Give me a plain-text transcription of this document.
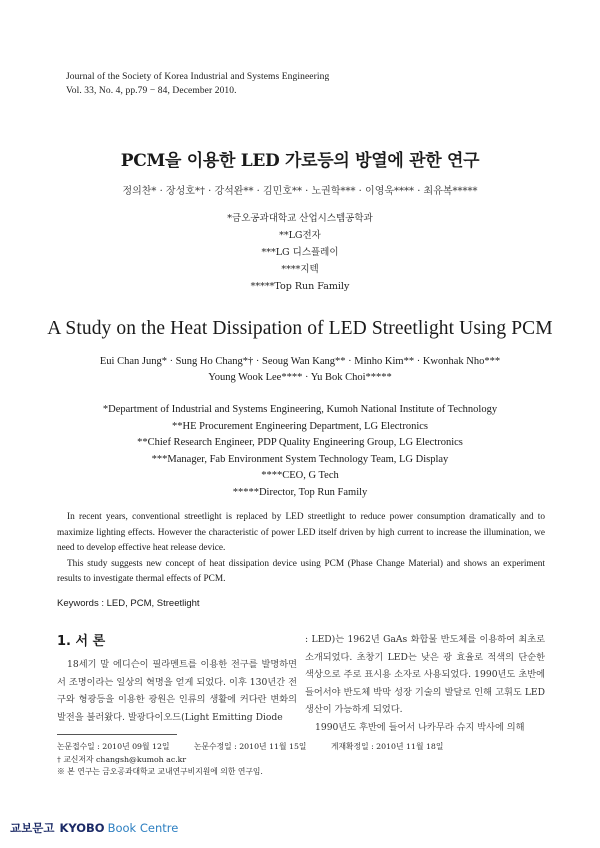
Journal of the Society of Korea Industrial and Systems Engineering
Vol. 33, No. 4, pp.79 − 84, December 2010.
PCM을 이용한 LED 가로등의 방열에 관한 연구
정의찬* · 장성호*† · 강석완** · 김민호** · 노권학*** · 이영욱**** · 최유복*****
*금오공과대학교 산업시스템공학과
**LG전자
***LG 디스플레이
****지텍
*****Top Run Family
A Study on the Heat Dissipation of LED Streetlight Using PCM
Eui Chan Jung* · Sung Ho Chang*† · Seoug Wan Kang** · Minho Kim** · Kwonhak Nho***
Young Wook Lee**** · Yu Bok Choi*****
*Department of Industrial and Systems Engineering, Kumoh National Institute of Technology
**HE Procurement Engineering Department, LG Electronics
**Chief Research Engineer, PDP Quality Engineering Group, LG Electronics
***Manager, Fab Environment System Technology Team, LG Display
****CEO, G Tech
*****Director, Top Run Family

In recent years, conventional streetlight is replaced by LED streetlight to reduce power consumption dramatically and to maximize lighting effects. However the characteristic of power LED itself driven by high current to increase the illumination, we need to develop effective heat release device.

This study suggests new concept of heat dissipation device using PCM (Phase Change Material) and shows an experiment results to investigate thermal effects of PCM.

Keywords : LED, PCM, Streetlight
1. 서 론

18세기 말 에디슨이 필라멘트를 이용한 전구를 발명하면서 조명이라는 일상의 혁명을 얻게 되었다. 이후 130년간 전구와 형광등을 이용한 광원은 인류의 생활에 커다란 변화의 발전을 불러왔다. 발광다이오드(Light Emitting Diode

: LED)는 1962년 GaAs 화합물 반도체를 이용하여 최초로 소개되었다. 초창기 LED는 낮은 광 효율로 적색의 단순한 색상으로 주로 표시용 소자로 사용되었다. 1990년도 초반에 들어서야 반도체 박막 성장 기술의 발달로 인해 고휘도 LED 생산이 가능하게 되었다.

1990년도 후반에 들어서 나카무라 슈지 박사에 의해

논문접수일 : 2010년 09월 12일	논문수정일 : 2010년 11월 15일	게재확정일 : 2010년 11월 18일
† 교신저자 changsh@kumoh ac.kr
※ 본 연구는 금오공과대학교 교내연구비지원에 의한 연구임.
교보문고 KYOBO Book Centre
